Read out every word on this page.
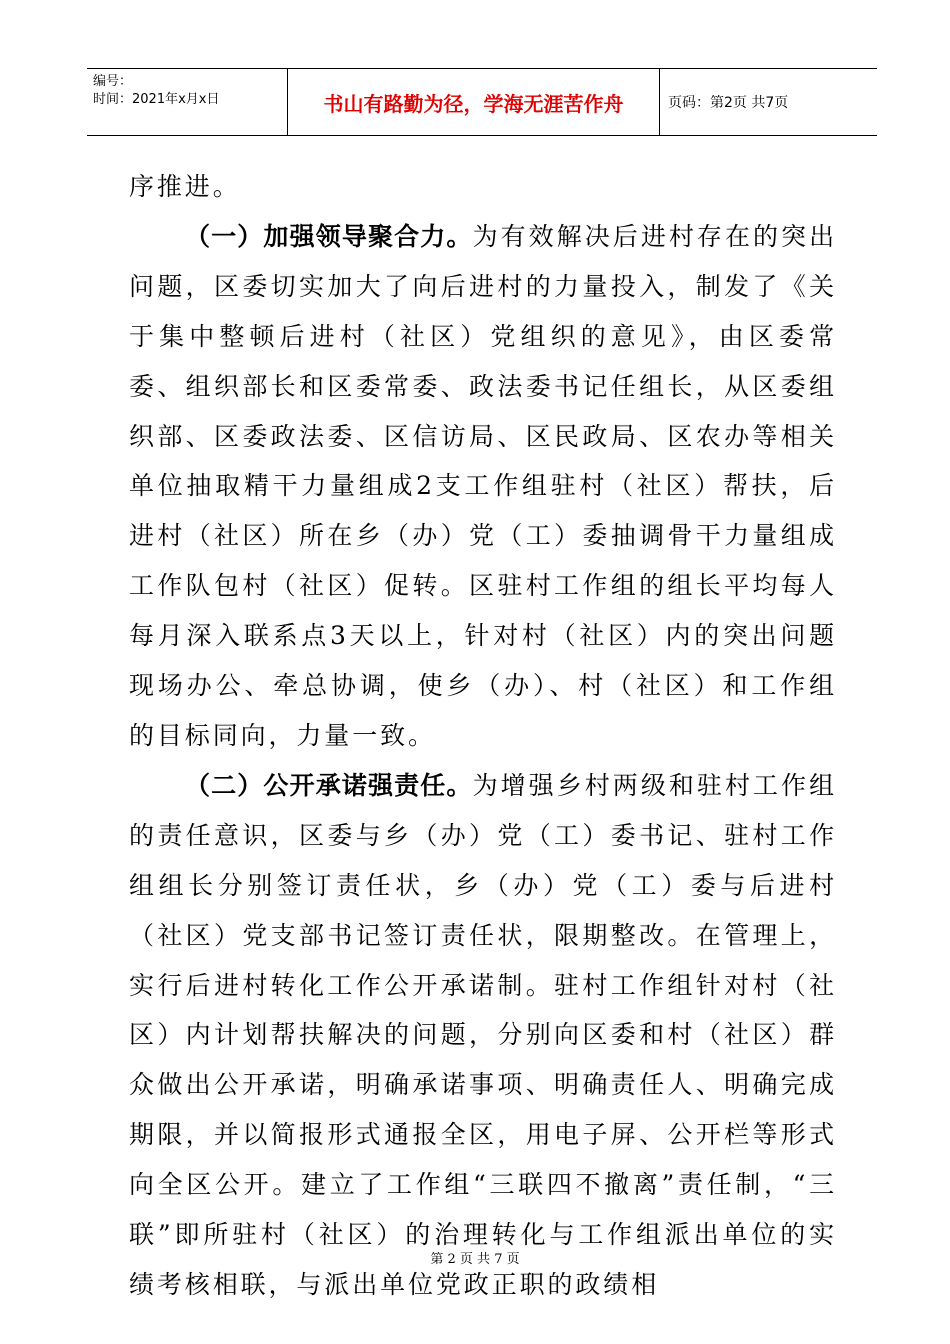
编号：
时间：2021年x月x日	书山有路勤为径，学海无涯苦作舟	页码：第2页 共7页

序推进。

（一）加强领导聚合力。为有效解决后进村存在的突出问题，区委切实加大了向后进村的力量投入，制发了《关于集中整顿后进村（社区）党组织的意见》，由区委常委、组织部长和区委常委、政法委书记任组长，从区委组织部、区委政法委、区信访局、区民政局、区农办等相关单位抽取精干力量组成2支工作组驻村（社区）帮扶，后进村（社区）所在乡（办）党（工）委抽调骨干力量组成工作队包村（社区）促转。区驻村工作组的组长平均每人每月深入联系点3天以上，针对村（社区）内的突出问题现场办公、牵总协调，使乡（办）、村（社区）和工作组的目标同向，力量一致。

（二）公开承诺强责任。为增强乡村两级和驻村工作组的责任意识，区委与乡（办）党（工）委书记、驻村工作组组长分别签订责任状，乡（办）党（工）委与后进村（社区）党支部书记签订责任状，限期整改。在管理上，实行后进村转化工作公开承诺制。驻村工作组针对村（社区）内计划帮扶解决的问题，分别向区委和村（社区）群众做出公开承诺，明确承诺事项、明确责任人、明确完成期限，并以简报形式通报全区，用电子屏、公开栏等形式向全区公开。建立了工作组“三联四不撤离”责任制，“三联”即所驻村（社区）的治理转化与工作组派出单位的实绩考核相联，与派出单位党政正职的政绩相

第 2 页 共 7 页
